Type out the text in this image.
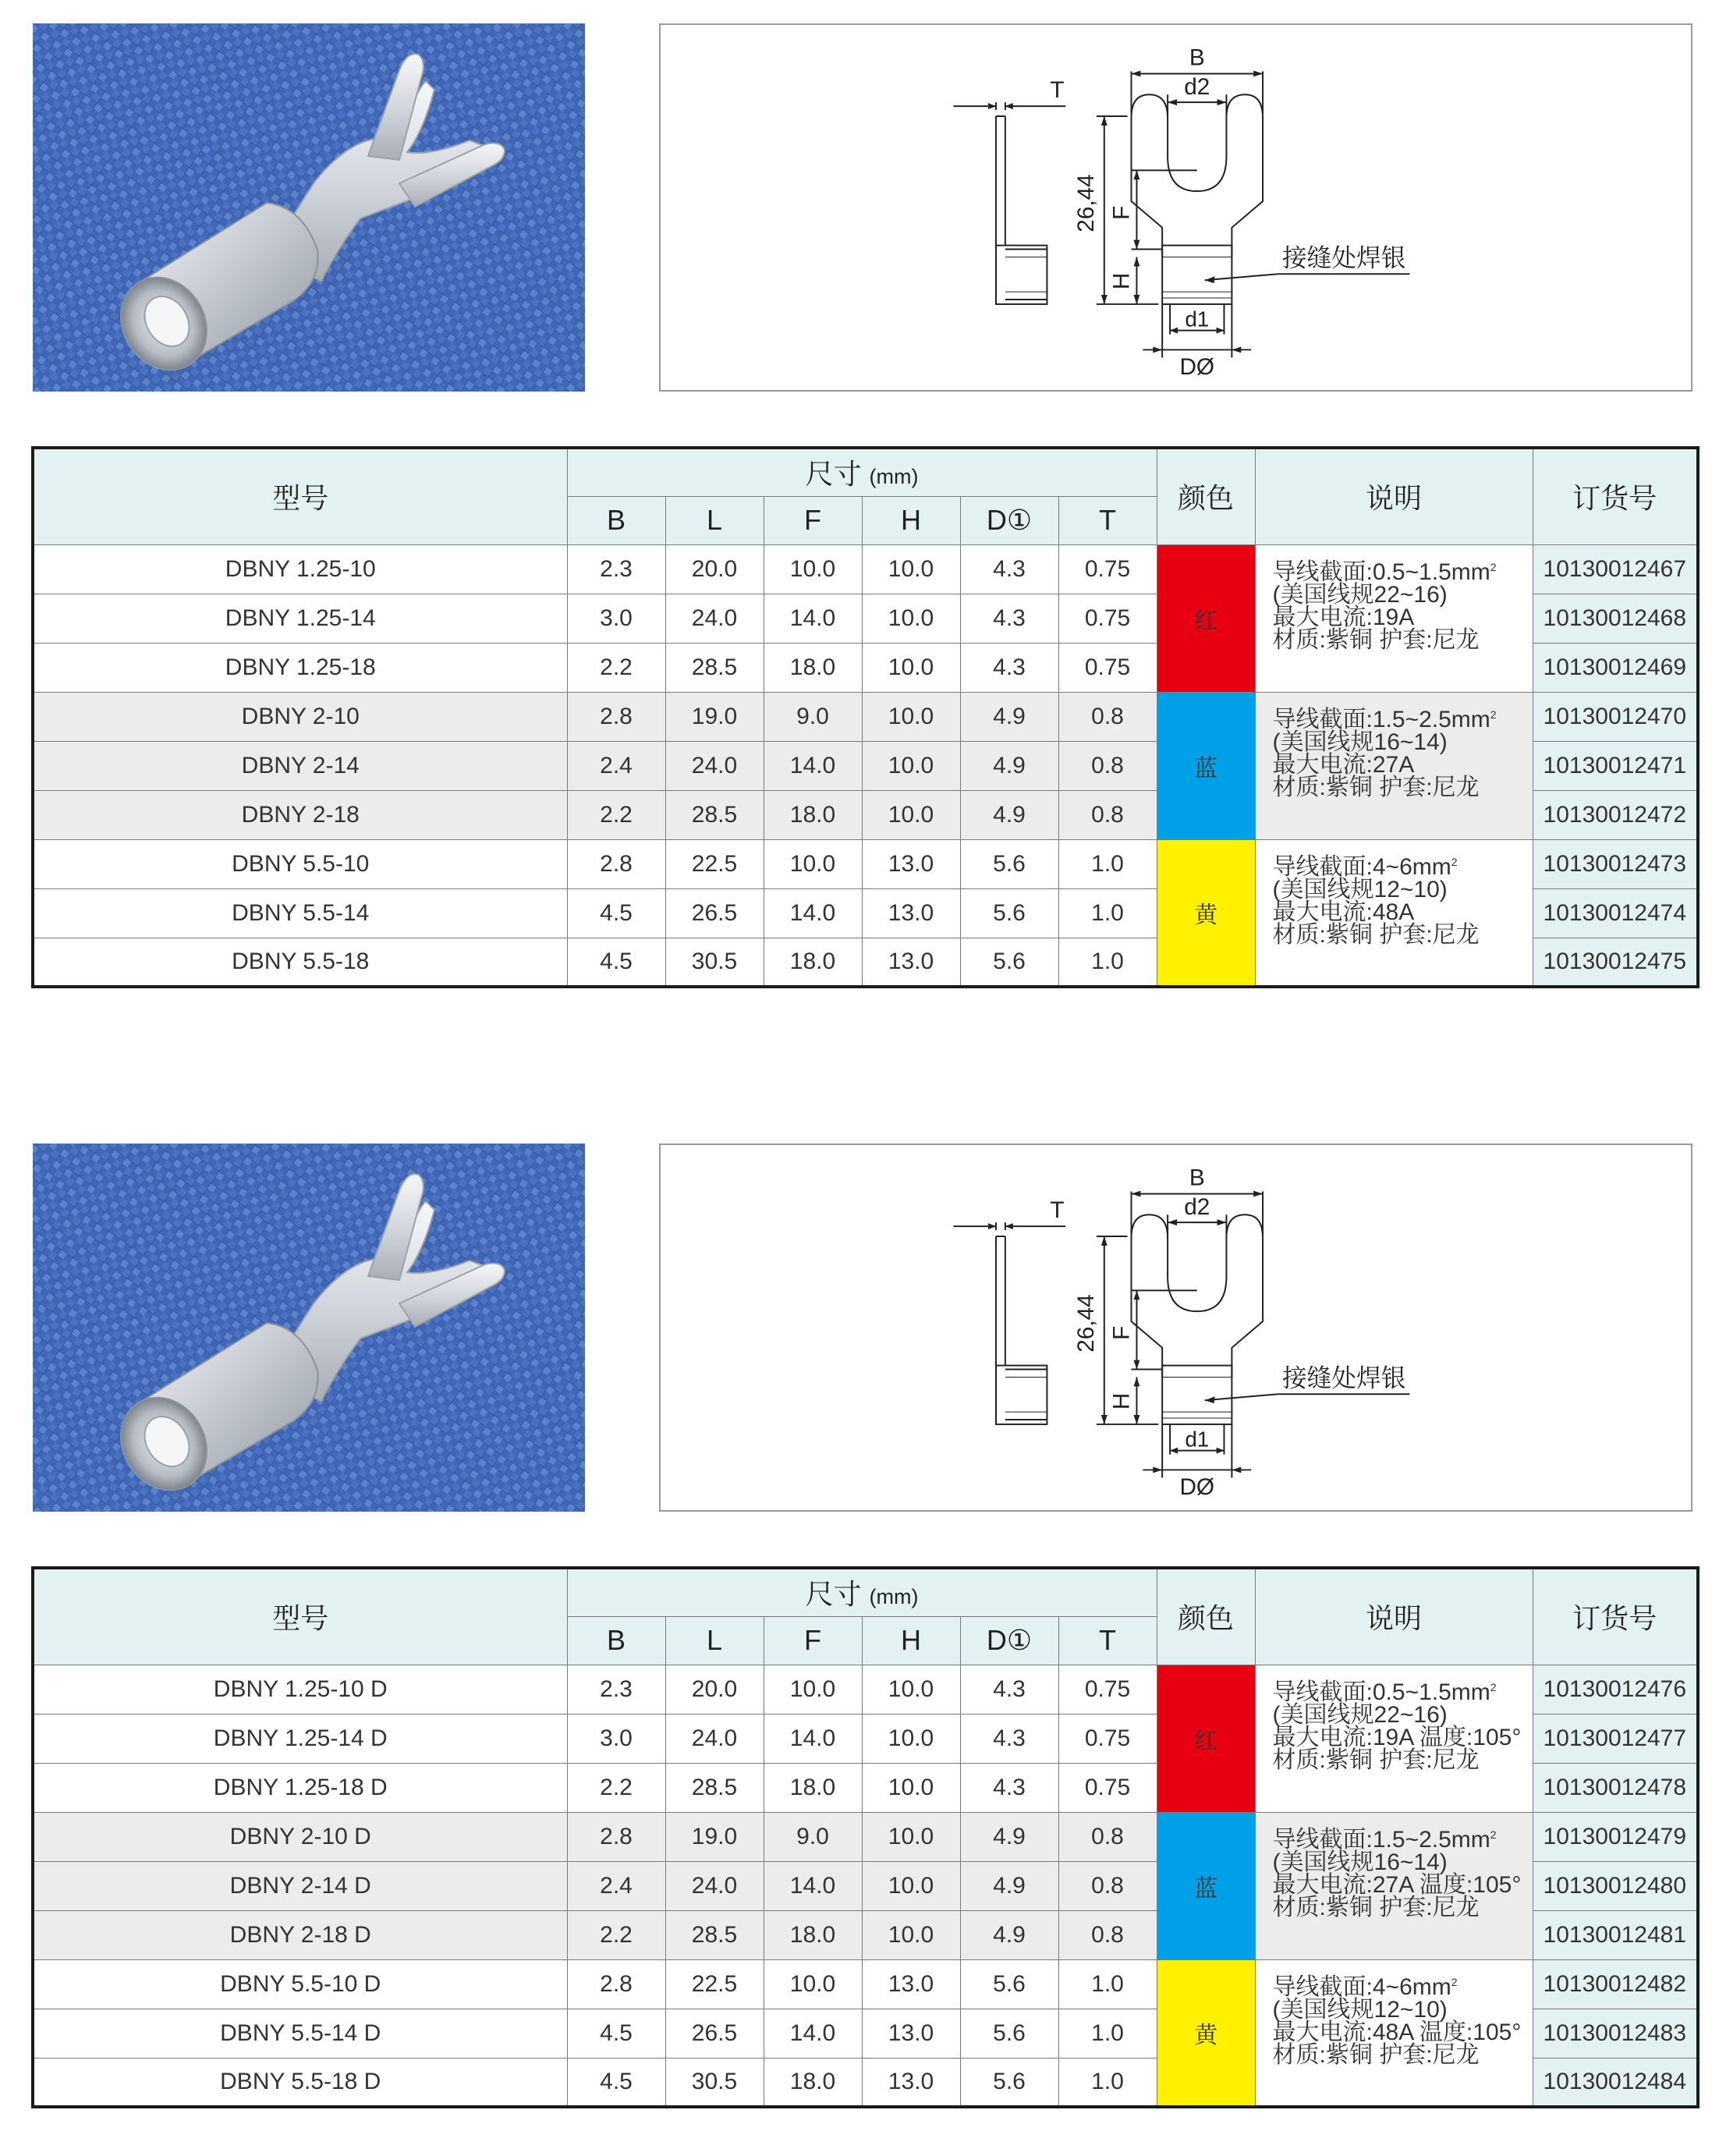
B
d2
T
26,44 F
H
d1
DØ
接缝处焊银
型号	尺寸 (mm)						颜色	说明	订货号
	B	L	F	H	D①	T			
DBNY 1.25-10	2.3	20.0	10.0	10.0	4.3	0.75	红	导线截面$:0.5\sim 1.5mm^2$
(美国线规22~16)
最大电流:19A
材质:紫铜 护套:尼龙	10130012467
DBNY 1.25-14	3.0	24.0	14.0	10.0	4.3	0.75			10130012468
DBNY 1.25-18	2.2	28.5	18.0	10.0	4.3	0.75			10130012469
DBNY 2-10	2.8	19.0	9.0	10.0	4.9	0.8	蓝	导线截面$:1.5\sim 2.5mm^2$
(美国线规16~14)
最大电流:27A
材质:紫铜 护套:尼龙	10130012470
DBNY 2-14	2.4	24.0	14.0	10.0	4.9	0.8			10130012471
DBNY 2-18	2.2	28.5	18.0	10.0	4.9	0.8			10130012472
DBNY 5.5-10	2.8	22.5	10.0	13.0	5.6	1.0	黄	导线截面$:4\sim 6mm^2$
(美国线规12~10)
最大电流:48A
材质:紫铜 护套:尼龙	10130012473
DBNY 5.5-14	4.5	26.5	14.0	13.0	5.6	1.0			10130012474
DBNY 5.5-18	4.5	30.5	18.0	13.0	5.6	1.0			10130012475
B
d2
T
26,44 F
H
d1
DØ
接缝处焊银
型号	尺寸 (mm)						颜色	说明	订货号
	B	L	F	H	D①	T			
DBNY 1.25-10 D	2.3	20.0	10.0	10.0	4.3	0.75	红	导线截面$:0.5\sim 1.5mm^2$
(美国线规22~16)
最大电流:19A 温度:105°
材质:紫铜 护套:尼龙	10130012476
DBNY 1.25-14 D	3.0	24.0	14.0	10.0	4.3	0.75			10130012477
DBNY 1.25-18 D	2.2	28.5	18.0	10.0	4.3	0.75			10130012478
DBNY 2-10 D	2.8	19.0	9.0	10.0	4.9	0.8	蓝	导线截面$:1.5\sim 2.5mm^2$
(美国线规16~14)
最大电流:27A 温度:105°
材质:紫铜 护套:尼龙	10130012479
DBNY 2-14 D	2.4	24.0	14.0	10.0	4.9	0.8			10130012480
DBNY 2-18 D	2.2	28.5	18.0	10.0	4.9	0.8			10130012481
DBNY 5.5-10 D	2.8	22.5	10.0	13.0	5.6	1.0	黄	导线截面$:4\sim 6mm^2$
(美国线规12~10)
最大电流:48A 温度:105°
材质:紫铜 护套:尼龙	10130012482
DBNY 5.5-14 D	4.5	26.5	14.0	13.0	5.6	1.0			10130012483
DBNY 5.5-18 D	4.5	30.5	18.0	13.0	5.6	1.0			10130012484
